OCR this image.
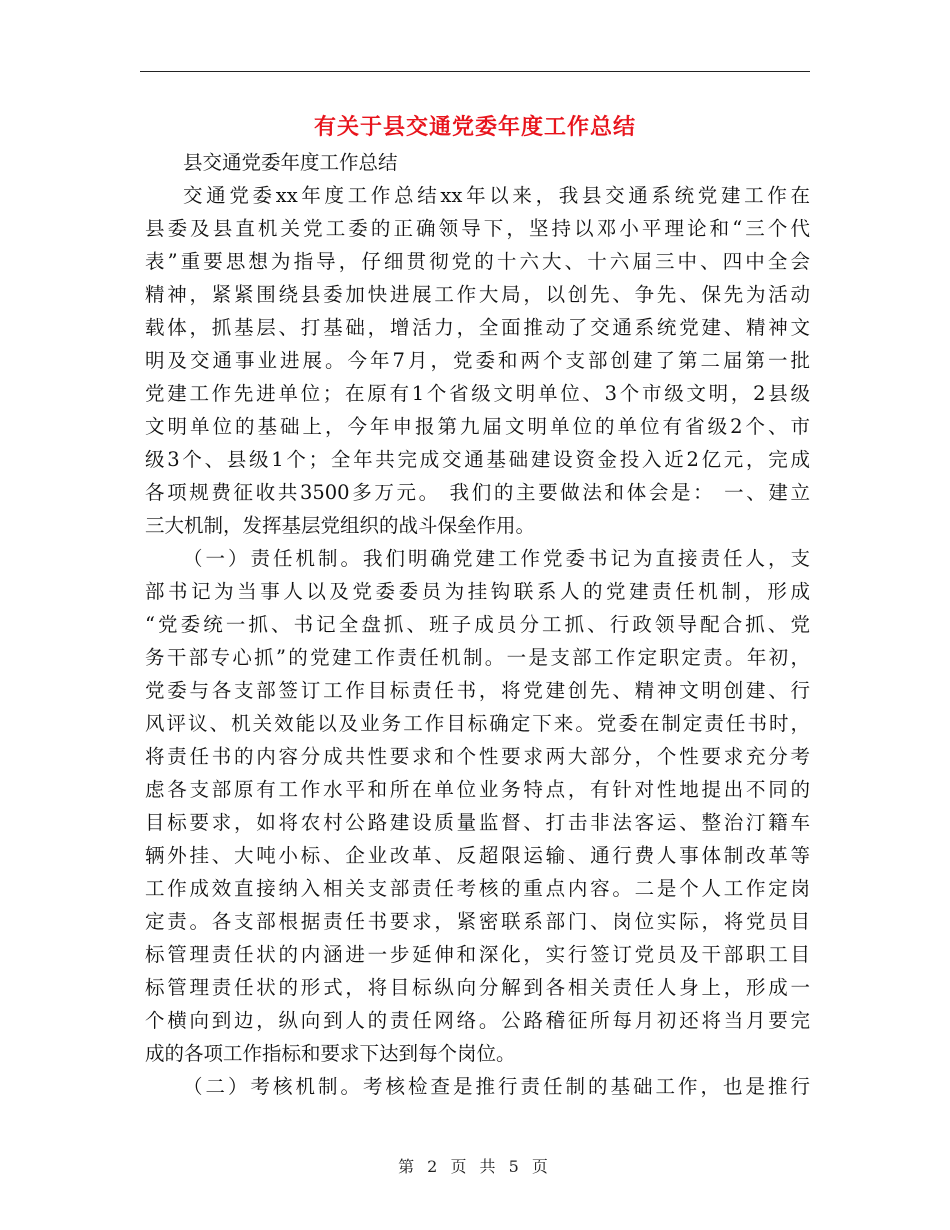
有关于县交通党委年度工作总结
县交通党委年度工作总结
交通党委xx年度工作总结xx年以来，我县交通系统党建工作在
县委及县直机关党工委的正确领导下，坚持以邓小平理论和“三个代
表”重要思想为指导，仔细贯彻党的十六大、十六届三中、四中全会
精神，紧紧围绕县委加快进展工作大局，以创先、争先、保先为活动
载体，抓基层、打基础，增活力，全面推动了交通系统党建、精神文
明及交通事业进展。今年7月，党委和两个支部创建了第二届第一批
党建工作先进单位；在原有1个省级文明单位、3个市级文明，2县级
文明单位的基础上，今年申报第九届文明单位的单位有省级2个、市
级3个、县级1个；全年共完成交通基础建设资金投入近2亿元，完成
各项规费征收共3500多万元。 我们的主要做法和体会是： 一、建立
三大机制，发挥基层党组织的战斗保垒作用。
（一）责任机制。我们明确党建工作党委书记为直接责任人，支
部书记为当事人以及党委委员为挂钩联系人的党建责任机制，形成
“党委统一抓、书记全盘抓、班子成员分工抓、行政领导配合抓、党
务干部专心抓”的党建工作责任机制。一是支部工作定职定责。年初，
党委与各支部签订工作目标责任书，将党建创先、精神文明创建、行
风评议、机关效能以及业务工作目标确定下来。党委在制定责任书时，
将责任书的内容分成共性要求和个性要求两大部分，个性要求充分考
虑各支部原有工作水平和所在单位业务特点，有针对性地提出不同的
目标要求，如将农村公路建设质量监督、打击非法客运、整治汀籍车
辆外挂、大吨小标、企业改革、反超限运输、通行费人事体制改革等
工作成效直接纳入相关支部责任考核的重点内容。二是个人工作定岗
定责。各支部根据责任书要求，紧密联系部门、岗位实际，将党员目
标管理责任状的内涵进一步延伸和深化，实行签订党员及干部职工目
标管理责任状的形式，将目标纵向分解到各相关责任人身上，形成一
个横向到边，纵向到人的责任网络。公路稽征所每月初还将当月要完
成的各项工作指标和要求下达到每个岗位。
（二）考核机制。考核检查是推行责任制的基础工作，也是推行
第 2 页 共 5 页
